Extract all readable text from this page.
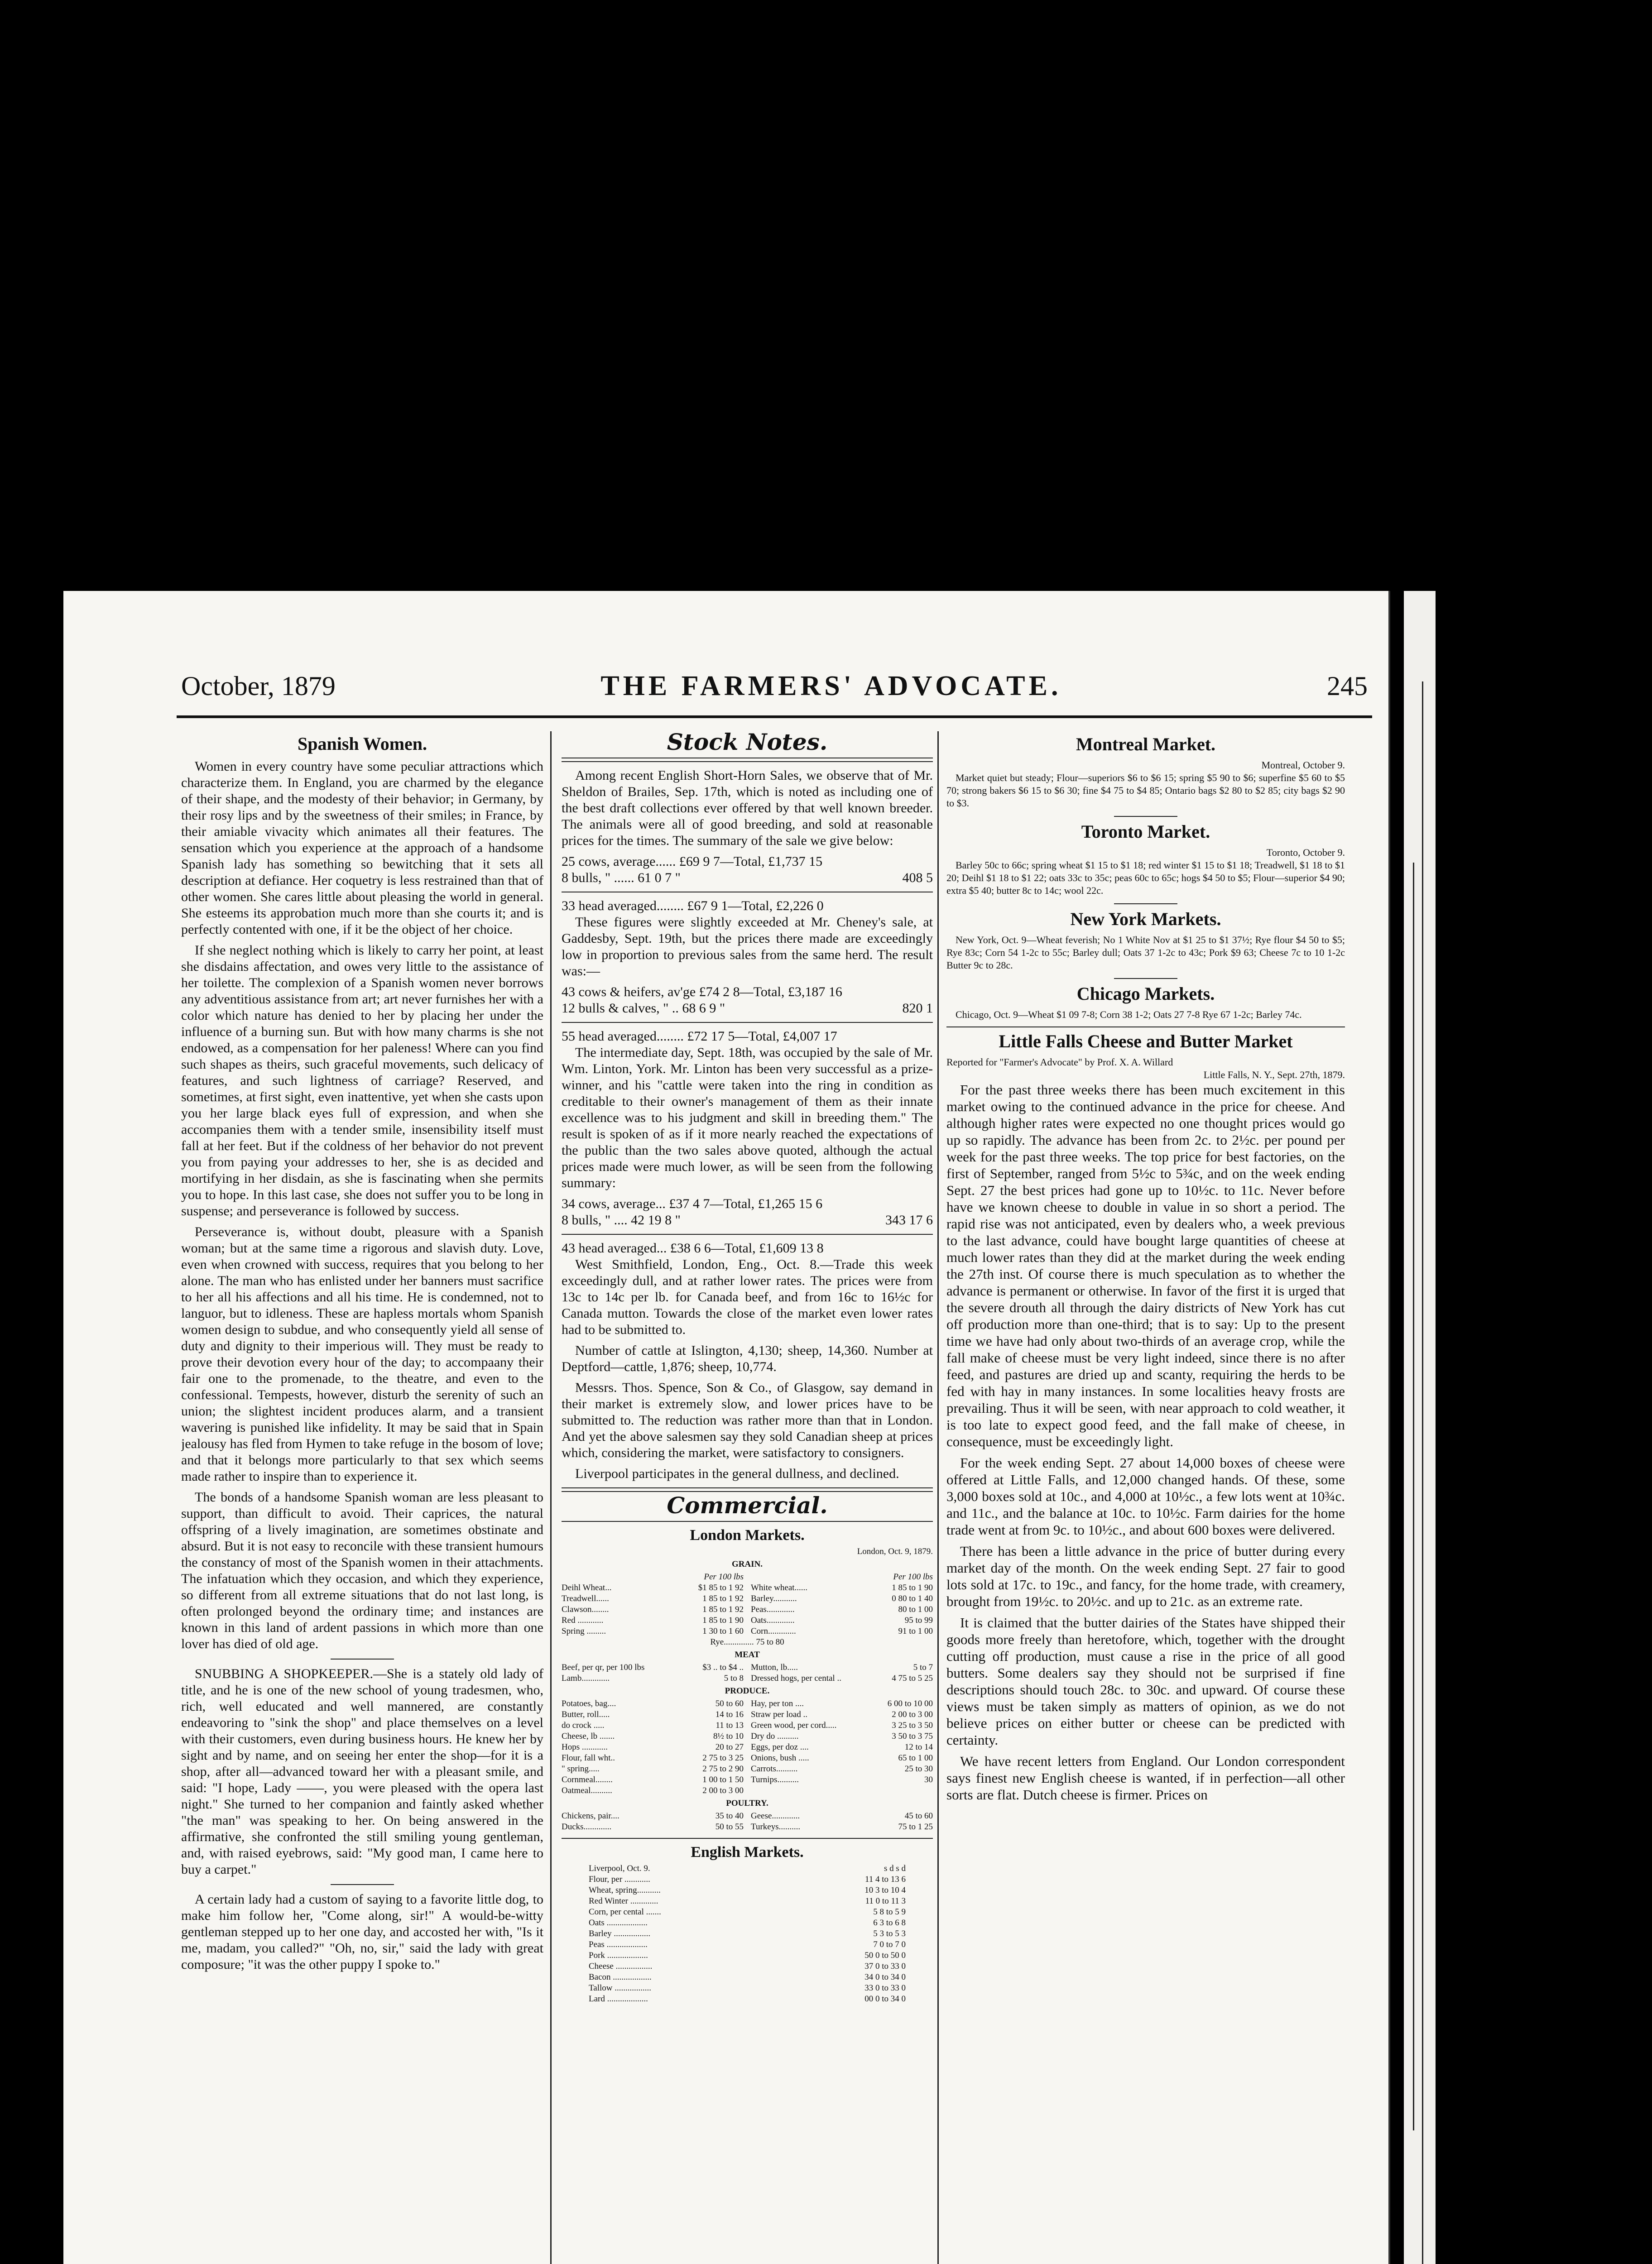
October, 1879	THE FARMERS' ADVOCATE.	245
Spanish Women.

Women in every country have some peculiar attractions which characterize them. In England, you are charmed by the elegance of their shape, and the modesty of their behavior; in Germany, by their rosy lips and by the sweetness of their smiles; in France, by their amiable vivacity which animates all their features. The sensation which you experience at the approach of a handsome Spanish lady has something so bewitching that it sets all description at defiance. Her coquetry is less restrained than that of other women. She cares little about pleasing the world in general. She esteems its approbation much more than she courts it; and is perfectly contented with one, if it be the object of her choice.

If she neglect nothing which is likely to carry her point, at least she disdains affectation, and owes very little to the assistance of her toilette. The complexion of a Spanish women never borrows any adventitious assistance from art; art never furnishes her with a color which nature has denied to her by placing her under the influence of a burning sun. But with how many charms is she not endowed, as a compensation for her paleness! Where can you find such shapes as theirs, such graceful movements, such delicacy of features, and such lightness of carriage? Reserved, and sometimes, at first sight, even inattentive, yet when she casts upon you her large black eyes full of expression, and when she accompanies them with a tender smile, insensibility itself must fall at her feet. But if the coldness of her behavior do not prevent you from paying your addresses to her, she is as decided and mortifying in her disdain, as she is fascinating when she permits you to hope. In this last case, she does not suffer you to be long in suspense; and perseverance is followed by success.

Perseverance is, without doubt, pleasure with a Spanish woman; but at the same time a rigorous and slavish duty. Love, even when crowned with success, requires that you belong to her alone. The man who has enlisted under her banners must sacrifice to her all his affections and all his time. He is condemned, not to languor, but to idleness. These are hapless mortals whom Spanish women design to subdue, and who consequently yield all sense of duty and dignity to their imperious will. They must be ready to prove their devotion every hour of the day; to accompaany their fair one to the promenade, to the theatre, and even to the confessional. Tempests, however, disturb the serenity of such an union; the slightest incident produces alarm, and a transient wavering is punished like infidelity. It may be said that in Spain jealousy has fled from Hymen to take refuge in the bosom of love; and that it belongs more particularly to that sex which seems made rather to inspire than to experience it.

The bonds of a handsome Spanish woman are less pleasant to support, than difficult to avoid. Their caprices, the natural offspring of a lively imagination, are sometimes obstinate and absurd. But it is not easy to reconcile with these transient humours the constancy of most of the Spanish women in their attachments. The infatuation which they occasion, and which they experience, so different from all extreme situations that do not last long, is often prolonged beyond the ordinary time; and instances are known in this land of ardent passions in which more than one lover has died of old age.

SNUBBING A SHOPKEEPER.—She is a stately old lady of title, and he is one of the new school of young tradesmen, who, rich, well educated and well mannered, are constantly endeavoring to "sink the shop" and place themselves on a level with their customers, even during business hours. He knew her by sight and by name, and on seeing her enter the shop—for it is a shop, after all—advanced toward her with a pleasant smile, and said: "I hope, Lady ——, you were pleased with the opera last night." She turned to her companion and faintly asked whether "the man" was speaking to her. On being answered in the affirmative, she confronted the still smiling young gentleman, and, with raised eyebrows, said: "My good man, I came here to buy a carpet."

A certain lady had a custom of saying to a favorite little dog, to make him follow her, "Come along, sir!" A would-be-witty gentleman stepped up to her one day, and accosted her with, "Is it me, madam, you called?" "Oh, no, sir," said the lady with great composure; "it was the other puppy I spoke to."

Stock Notes.

Among recent English Short-Horn Sales, we observe that of Mr. Sheldon of Brailes, Sep. 17th, which is noted as including one of the best draft collections ever offered by that well known breeder. The animals were all of good breeding, and sold at reasonable prices for the times. The summary of the sale we give below:

25 cows, average...... £69 9 7—Total, £1,737 15
8 bulls, " ...... 61 0 7 "	408 5
33 head averaged........ £67 9 1—Total, £2,226 0

These figures were slightly exceeded at Mr. Cheney's sale, at Gaddesby, Sept. 19th, but the prices there made are exceedingly low in proportion to previous sales from the same herd. The result was:—

43 cows & heifers, av'ge £74 2 8—Total, £3,187 16
12 bulls & calves, " .. 68 6 9 "	820 1
55 head averaged........ £72 17 5—Total, £4,007 17

The intermediate day, Sept. 18th, was occupied by the sale of Mr. Wm. Linton, York. Mr. Linton has been very successful as a prize-winner, and his "cattle were taken into the ring in condition as creditable to their owner's management of them as their innate excellence was to his judgment and skill in breeding them." The result is spoken of as if it more nearly reached the expectations of the public than the two sales above quoted, although the actual prices made were much lower, as will be seen from the following summary:

34 cows, average... £37 4 7—Total, £1,265 15 6
8 bulls, " .... 42 19 8 "	343 17 6
43 head averaged... £38 6 6—Total, £1,609 13 8

West Smithfield, London, Eng., Oct. 8.—Trade this week exceedingly dull, and at rather lower rates. The prices were from 13c to 14c per lb. for Canada beef, and from 16c to 16½c for Canada mutton. Towards the close of the market even lower rates had to be submitted to.

Number of cattle at Islington, 4,130; sheep, 14,360. Number at Deptford—cattle, 1,876; sheep, 10,774.

Messrs. Thos. Spence, Son & Co., of Glasgow, say demand in their market is extremely slow, and lower prices have to be submitted to. The reduction was rather more than that in London. And yet the above salesmen say they sold Canadian sheep at prices which, considering the market, were satisfactory to consigners.

Liverpool participates in the general dullness, and declined.

Commercial.
London Markets.
London, Oct. 9, 1879.
GRAIN.
Per 100 lbs
Deihl Wheat...	$1 85 to 1 92
Treadwell......	1 85 to 1 92
Clawson........	1 85 to 1 92
Red ............	1 85 to 1 90
Spring .........	1 30 to 1 60
Per 100 lbs
White wheat......	1 85 to 1 90
Barley...........	0 80 to 1 40
Peas.............	80 to 1 00
Oats.............	95 to 99
Corn.............	91 to 1 00
Rye.............. 75 to 80
MEAT
Beef, per qr, per 100 lbs	$3 .. to $4 ..
Lamb.............	5 to 8
Mutton, lb.....	5 to 7
Dressed hogs, per cental ..	4 75 to 5 25
PRODUCE.
Potatoes, bag....	50 to 60
Butter, roll.....	14 to 16
do crock .....	11 to 13
Cheese, lb .......	8½ to 10
Hops ............	20 to 27
Flour, fall wht..	2 75 to 3 25
" spring.....	2 75 to 2 90
Cornmeal........	1 00 to 1 50
Oatmeal..........	2 00 to 3 00
Hay, per ton ....	6 00 to 10 00
Straw per load ..	2 00 to 3 00
Green wood, per cord.....	3 25 to 3 50
Dry do ..........	3 50 to 3 75
Eggs, per doz ....	12 to 14
Onions, bush .....	65 to 1 00
Carrots..........	25 to 30
Turnips..........	30
POULTRY.
Chickens, pair....	35 to 40
Ducks.............	50 to 55
Geese.............	45 to 60
Turkeys..........	75 to 1 25
English Markets.
Liverpool, Oct. 9.	s d s d
Flour, per ............	11 4 to 13 6
Wheat, spring...........	10 3 to 10 4
Red Winter .............	11 0 to 11 3
Corn, per cental .......	5 8 to 5 9
Oats ...................	6 3 to 6 8
Barley .................	5 3 to 5 3
Peas ...................	7 0 to 7 0
Pork ...................	50 0 to 50 0
Cheese .................	37 0 to 33 0
Bacon ..................	34 0 to 34 0
Tallow .................	33 0 to 33 0
Lard ...................	00 0 to 34 0
Montreal Market.
Montreal, October 9.

Market quiet but steady; Flour—superiors $6 to $6 15; spring $5 90 to $6; superfine $5 60 to $5 70; strong bakers $6 15 to $6 30; fine $4 75 to $4 85; Ontario bags $2 80 to $2 85; city bags $2 90 to $3.

Toronto Market.
Toronto, October 9.

Barley 50c to 66c; spring wheat $1 15 to $1 18; red winter $1 15 to $1 18; Treadwell, $1 18 to $1 20; Deihl $1 18 to $1 22; oats 33c to 35c; peas 60c to 65c; hogs $4 50 to $5; Flour—superior $4 90; extra $5 40; butter 8c to 14c; wool 22c.

New York Markets.

New York, Oct. 9—Wheat feverish; No 1 White Nov at $1 25 to $1 37½; Rye flour $4 50 to $5; Rye 83c; Corn 54 1-2c to 55c; Barley dull; Oats 37 1-2c to 43c; Pork $9 63; Cheese 7c to 10 1-2c Butter 9c to 28c.

Chicago Markets.

Chicago, Oct. 9—Wheat $1 09 7-8; Corn 38 1-2; Oats 27 7-8 Rye 67 1-2c; Barley 74c.

Little Falls Cheese and Butter Market
Reported for "Farmer's Advocate" by Prof. X. A. Willard
Little Falls, N. Y., Sept. 27th, 1879.

For the past three weeks there has been much excitement in this market owing to the continued advance in the price for cheese. And although higher rates were expected no one thought prices would go up so rapidly. The advance has been from 2c. to 2½c. per pound per week for the past three weeks. The top price for best factories, on the first of September, ranged from 5½c to 5¾c, and on the week ending Sept. 27 the best prices had gone up to 10½c. to 11c. Never before have we known cheese to double in value in so short a period. The rapid rise was not anticipated, even by dealers who, a week previous to the last advance, could have bought large quantities of cheese at much lower rates than they did at the market during the week ending the 27th inst. Of course there is much speculation as to whether the advance is permanent or otherwise. In favor of the first it is urged that the severe drouth all through the dairy districts of New York has cut off production more than one-third; that is to say: Up to the present time we have had only about two-thirds of an average crop, while the fall make of cheese must be very light indeed, since there is no after feed, and pastures are dried up and scanty, requiring the herds to be fed with hay in many instances. In some localities heavy frosts are prevailing. Thus it will be seen, with near approach to cold weather, it is too late to expect good feed, and the fall make of cheese, in consequence, must be exceedingly light.

For the week ending Sept. 27 about 14,000 boxes of cheese were offered at Little Falls, and 12,000 changed hands. Of these, some 3,000 boxes sold at 10c., and 4,000 at 10½c., a few lots went at 10¾c. and 11c., and the balance at 10c. to 10½c. Farm dairies for the home trade went at from 9c. to 10½c., and about 600 boxes were delivered.

There has been a little advance in the price of butter during every market day of the month. On the week ending Sept. 27 fair to good lots sold at 17c. to 19c., and fancy, for the home trade, with creamery, brought from 19½c. to 20½c. and up to 21c. as an extreme rate.

It is claimed that the butter dairies of the States have shipped their goods more freely than heretofore, which, together with the drought cutting off production, must cause a rise in the price of all good butters. Some dealers say they should not be surprised if fine descriptions should touch 28c. to 30c. and upward. Of course these views must be taken simply as matters of opinion, as we do not believe prices on either butter or cheese can be predicted with certainty.

We have recent letters from England. Our London correspondent says finest new English cheese is wanted, if in perfection—all other sorts are flat. Dutch cheese is firmer. Prices on
